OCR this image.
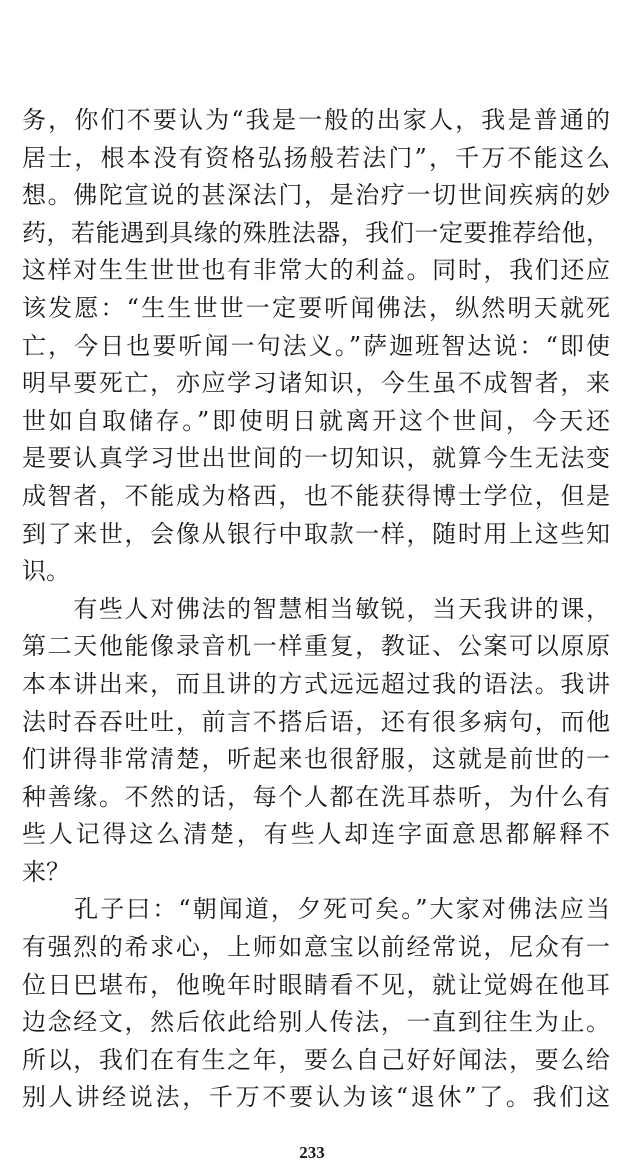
务，你们不要认为“我是一般的出家人，我是普通的
居士，根本没有资格弘扬般若法门”，千万不能这么
想。佛陀宣说的甚深法门，是治疗一切世间疾病的妙
药，若能遇到具缘的殊胜法器，我们一定要推荐给他，
这样对生生世世也有非常大的利益。同时，我们还应
该发愿：“生生世世一定要听闻佛法，纵然明天就死
亡，今日也要听闻一句法义。”萨迦班智达说：“即使
明早要死亡，亦应学习诸知识，今生虽不成智者，来
世如自取储存。”即使明日就离开这个世间，今天还
是要认真学习世出世间的一切知识，就算今生无法变
成智者，不能成为格西，也不能获得博士学位，但是
到了来世，会像从银行中取款一样，随时用上这些知
识。
　　有些人对佛法的智慧相当敏锐，当天我讲的课，
第二天他能像录音机一样重复，教证、公案可以原原
本本讲出来，而且讲的方式远远超过我的语法。我讲
法时吞吞吐吐，前言不搭后语，还有很多病句，而他
们讲得非常清楚，听起来也很舒服，这就是前世的一
种善缘。不然的话，每个人都在洗耳恭听，为什么有
些人记得这么清楚，有些人却连字面意思都解释不
来？
　　孔子曰：“朝闻道，夕死可矣。”大家对佛法应当
有强烈的希求心，上师如意宝以前经常说，尼众有一
位日巴堪布，他晚年时眼睛看不见，就让觉姆在他耳
边念经文，然后依此给别人传法，一直到往生为止。
所以，我们在有生之年，要么自己好好闻法，要么给
别人讲经说法，千万不要认为该“退休”了。我们这
233
